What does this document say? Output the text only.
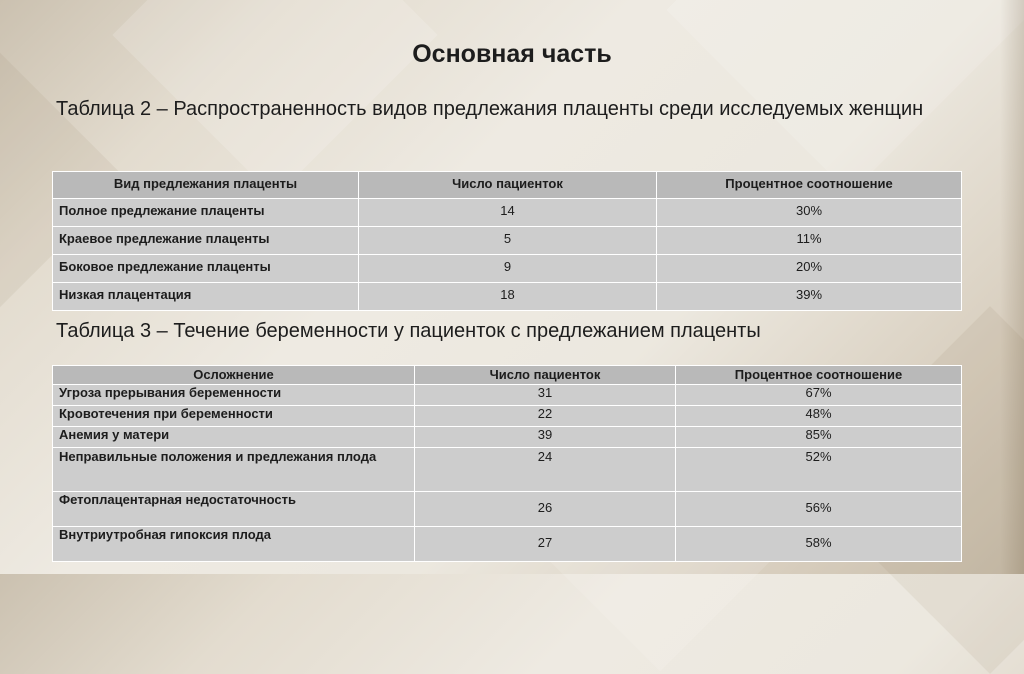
Основная часть
Таблица 2 – Распространенность видов предлежания плаценты среди исследуемых женщин
Вид предлежания плаценты	Число пациенток	Процентное соотношение
Полное предлежание плаценты	14	30%
Краевое предлежание плаценты	5	11%
Боковое предлежание плаценты	9	20%
Низкая плацентация	18	39%
Таблица 3 – Течение беременности у пациенток с предлежанием плаценты
Осложнение	Число пациенток	Процентное соотношение
Угроза прерывания беременности	31	67%
Кровотечения при беременности	22	48%
Анемия у матери	39	85%
Неправильные положения и предлежания плода	24	52%
Фетоплацентарная недостаточность	26	56%
Внутриутробная гипоксия плода	27	58%
